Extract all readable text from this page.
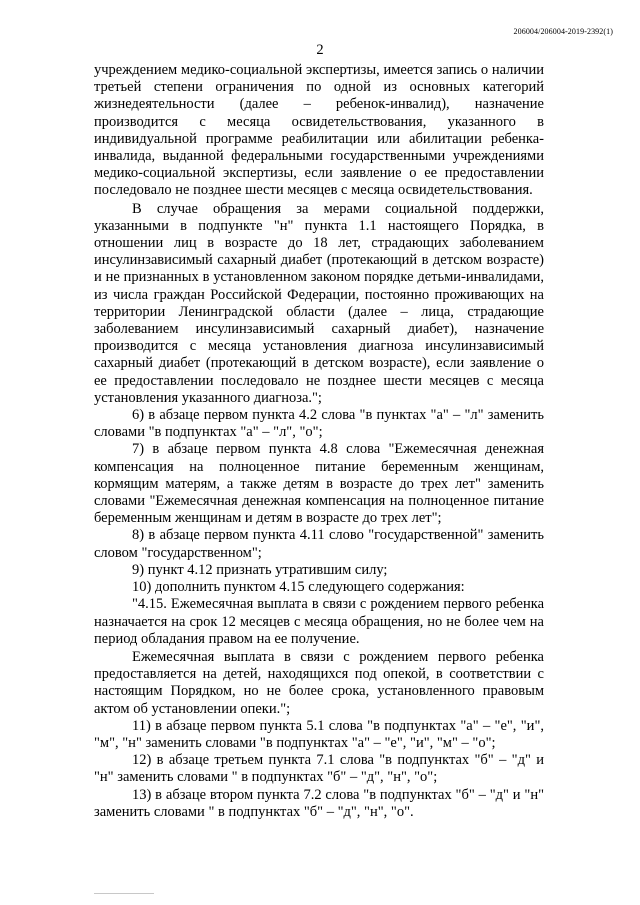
206004/206004-2019-2392(1)
2

учреждением медико-социальной экспертизы, имеется запись о наличии третьей степени ограничения по одной из основных категорий жизнедеятельности (далее – ребенок-инвалид), назначение производится с месяца освидетельствования, указанного в индивидуальной программе реабилитации или абилитации ребенка-инвалида, выданной федеральными государственными учреждениями медико-социальной экспертизы, если заявление о ее предоставлении последовало не позднее шести месяцев с месяца освидетельствования.

В случае обращения за мерами социальной поддержки, указанными в подпункте "н" пункта 1.1 настоящего Порядка, в отношении лиц в возрасте до 18 лет, страдающих заболеванием инсулинзависимый сахарный диабет (протекающий в детском возрасте) и не признанных в установленном законом порядке детьми-инвалидами, из числа граждан Российской Федерации, постоянно проживающих на территории Ленинградской области (далее – лица, страдающие заболеванием инсулинзависимый сахарный диабет), назначение производится с месяца установления диагноза инсулинзависимый сахарный диабет (протекающий в детском возрасте), если заявление о ее предоставлении последовало не позднее шести месяцев с месяца установления указанного диагноза.";

6) в абзаце первом пункта 4.2 слова "в пунктах "а" – "л" заменить словами "в подпунктах "а" – "л", "о";

7) в абзаце первом пункта 4.8 слова "Ежемесячная денежная компенсация на полноценное питание беременным женщинам, кормящим матерям, а также детям в возрасте до трех лет" заменить словами "Ежемесячная денежная компенсация на полноценное питание беременным женщинам и детям в возрасте до трех лет";

8) в абзаце первом пункта 4.11 слово "государственной" заменить словом "государственном";

9) пункт 4.12 признать утратившим силу;

10) дополнить пунктом 4.15 следующего содержания:

"4.15. Ежемесячная выплата в связи с рождением первого ребенка назначается на срок 12 месяцев с месяца обращения, но не более чем на период обладания правом на ее получение.

Ежемесячная выплата в связи с рождением первого ребенка предоставляется на детей, находящихся под опекой, в соответствии с настоящим Порядком, но не более срока, установленного правовым актом об установлении опеки.";

11) в абзаце первом пункта 5.1 слова "в подпунктах "а" – "е", "и", "м", "н" заменить словами "в подпунктах "а" – "е", "и", "м" – "о";

12) в абзаце третьем пункта 7.1 слова "в подпунктах "б" – "д" и "н" заменить словами " в подпунктах "б" – "д", "н", "о";

13) в абзаце втором пункта 7.2 слова "в подпунктах "б" – "д" и "н" заменить словами " в подпунктах "б" – "д", "н", "о".
